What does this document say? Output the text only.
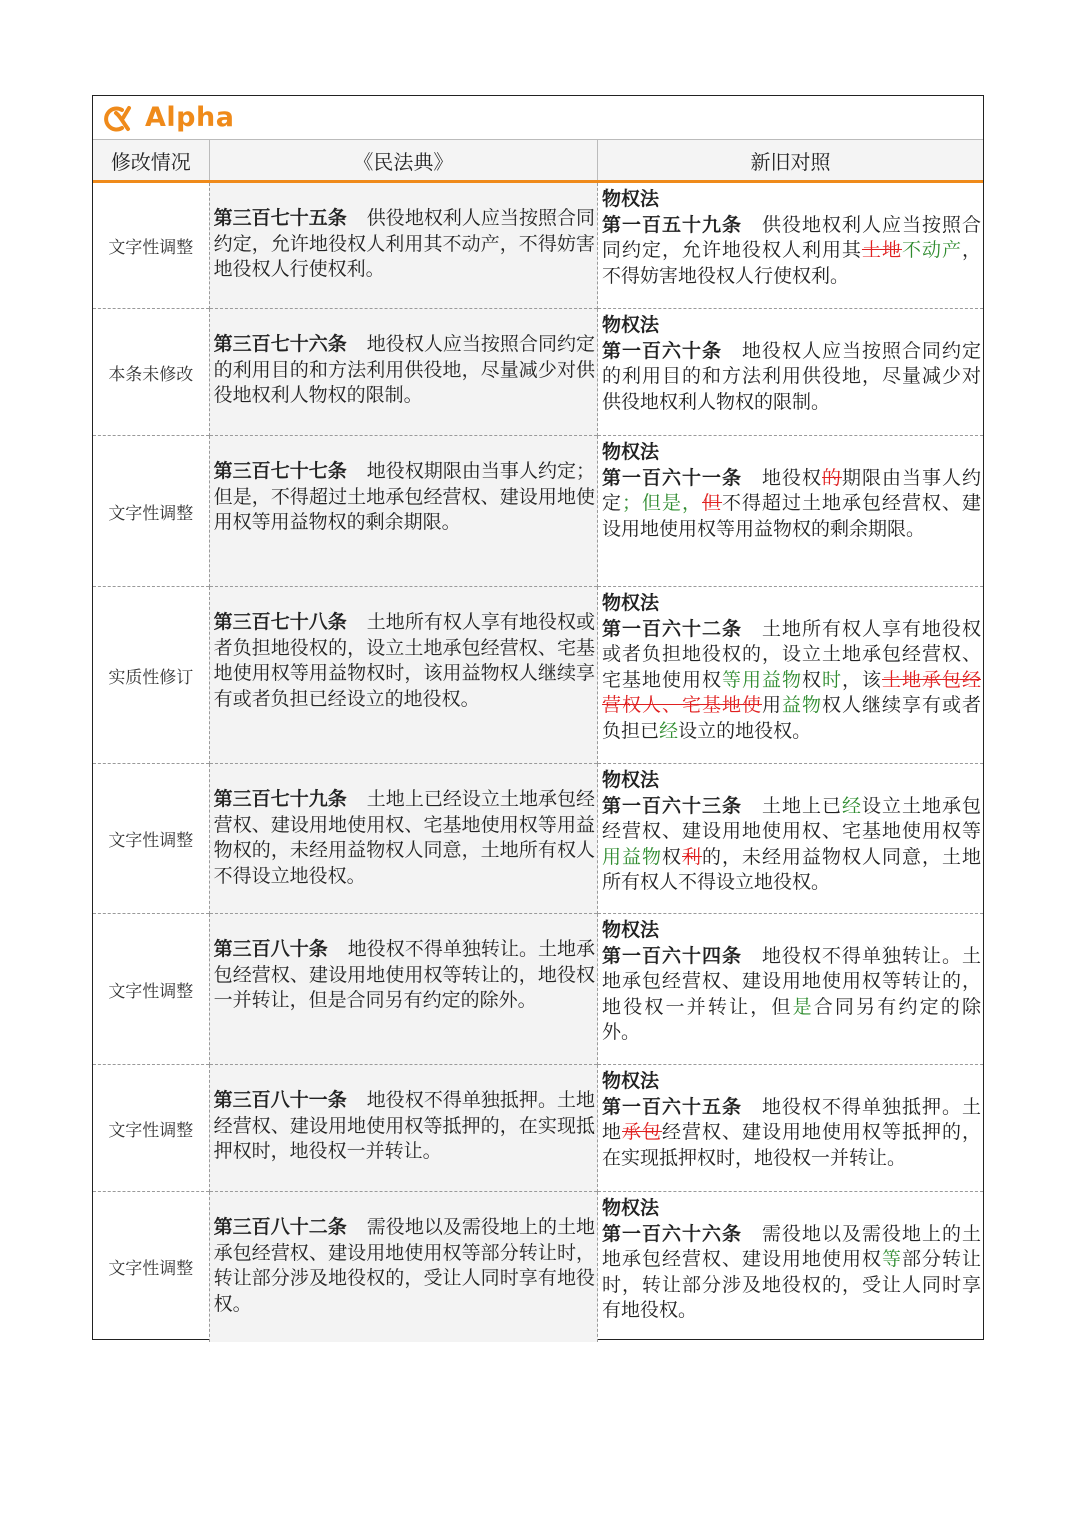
Alpha
修改情况	《民法典》	新旧对照
文字性调整	第三百七十五条 供役地权利人应当按照合同约定，允许地役权人利用其不动产，不得妨害地役权人行使权利。	物权法
第一百五十九条 供役地权利人应当按照合同约定，允许地役权人利用其土地不动产，不得妨害地役权人行使权利。

本条未修改	第三百七十六条 地役权人应当按照合同约定的利用目的和方法利用供役地，尽量减少对供役地权利人物权的限制。	物权法
第一百六十条 地役权人应当按照合同约定的利用目的和方法利用供役地，尽量减少对供役地权利人物权的限制。

文字性调整	第三百七十七条 地役权期限由当事人约定；但是，不得超过土地承包经营权、建设用地使用权等用益物权的剩余期限。	物权法
第一百六十一条 地役权的期限由当事人约定；但是，但不得超过土地承包经营权、建设用地使用权等用益物权的剩余期限。

实质性修订	第三百七十八条 土地所有权人享有地役权或者负担地役权的，设立土地承包经营权、宅基地使用权等用益物权时，该用益物权人继续享有或者负担已经设立的地役权。	物权法
第一百六十二条 土地所有权人享有地役权或者负担地役权的，设立土地承包经营权、宅基地使用权等用益物权时，该土地承包经营权人、宅基地使用益物权人继续享有或者负担已经设立的地役权。

文字性调整	第三百七十九条 土地上已经设立土地承包经营权、建设用地使用权、宅基地使用权等用益物权的，未经用益物权人同意，土地所有权人不得设立地役权。	物权法
第一百六十三条 土地上已经设立土地承包经营权、建设用地使用权、宅基地使用权等用益物权利的，未经用益物权人同意，土地所有权人不得设立地役权。

文字性调整	第三百八十条 地役权不得单独转让。土地承包经营权、建设用地使用权等转让的，地役权一并转让，但是合同另有约定的除外。	物权法
第一百六十四条 地役权不得单独转让。土地承包经营权、建设用地使用权等转让的，地役权一并转让，但是合同另有约定的除外。

文字性调整	第三百八十一条 地役权不得单独抵押。土地经营权、建设用地使用权等抵押的，在实现抵押权时，地役权一并转让。	物权法
第一百六十五条 地役权不得单独抵押。土地承包经营权、建设用地使用权等抵押的，在实现抵押权时，地役权一并转让。

文字性调整	第三百八十二条 需役地以及需役地上的土地承包经营权、建设用地使用权等部分转让时，转让部分涉及地役权的，受让人同时享有地役权。	物权法
第一百六十六条 需役地以及需役地上的土地承包经营权、建设用地使用权等部分转让时，转让部分涉及地役权的，受让人同时享有地役权。
